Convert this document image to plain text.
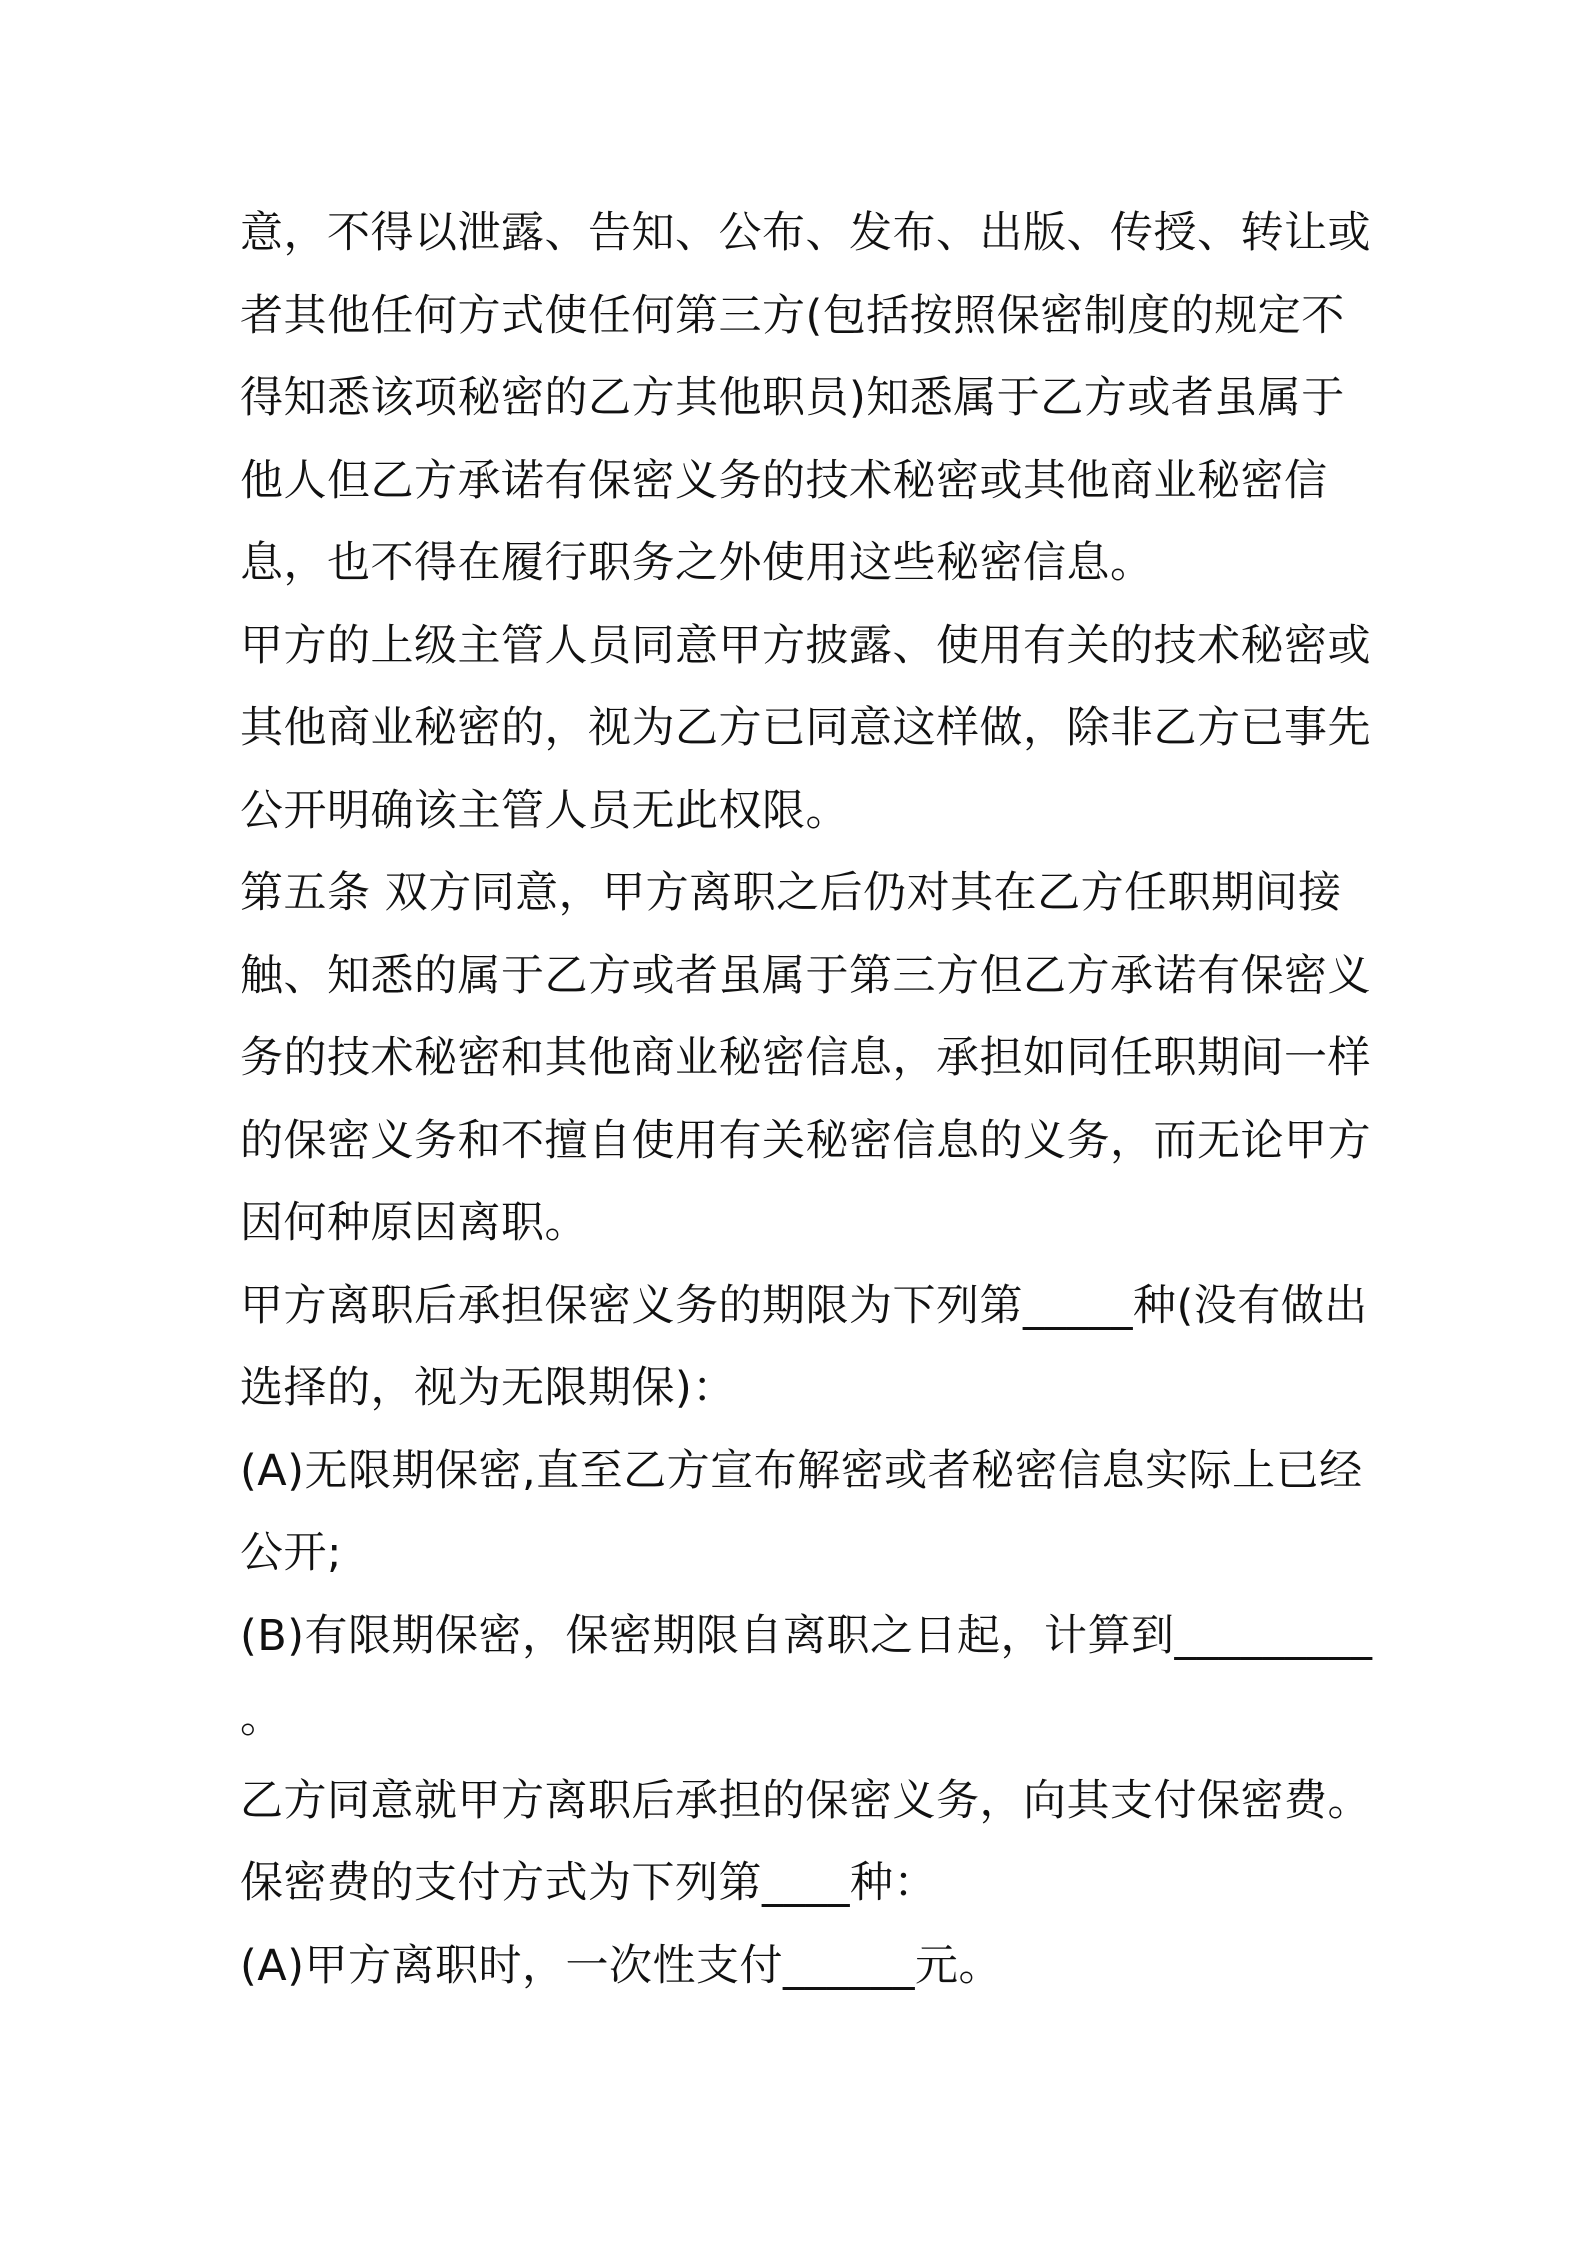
意，不得以泄露、告知、公布、发布、出版、传授、转让或
者其他任何方式使任何第三方(包括按照保密制度的规定不
得知悉该项秘密的乙方其他职员)知悉属于乙方或者虽属于
他人但乙方承诺有保密义务的技术秘密或其他商业秘密信
息，也不得在履行职务之外使用这些秘密信息。
甲方的上级主管人员同意甲方披露、使用有关的技术秘密或
其他商业秘密的，视为乙方已同意这样做，除非乙方已事先
公开明确该主管人员无此权限。
第五条 双方同意，甲方离职之后仍对其在乙方任职期间接
触、知悉的属于乙方或者虽属于第三方但乙方承诺有保密义
务的技术秘密和其他商业秘密信息，承担如同任职期间一样
的保密义务和不擅自使用有关秘密信息的义务，而无论甲方
因何种原因离职。
甲方离职后承担保密义务的期限为下列第_____种(没有做出
选择的，视为无限期保)：
(A)无限期保密,直至乙方宣布解密或者秘密信息实际上已经
公开;
(B)有限期保密，保密期限自离职之日起，计算到_________
。
乙方同意就甲方离职后承担的保密义务，向其支付保密费。
保密费的支付方式为下列第____种：
(A)甲方离职时，一次性支付______元。
